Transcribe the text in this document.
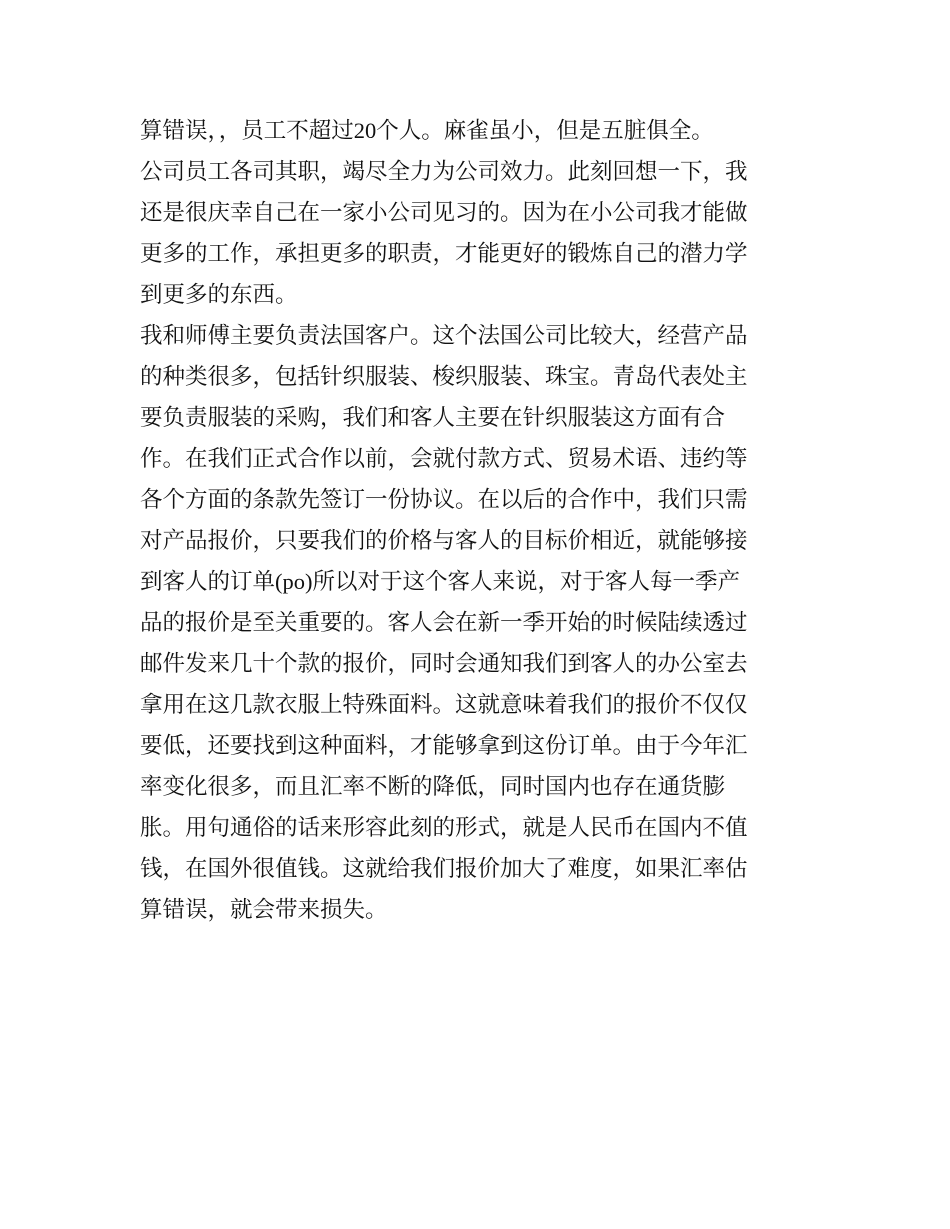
算错误，，员工不超过20个人。麻雀虽小，但是五脏俱全。
公司员工各司其职，竭尽全力为公司效力。此刻回想一下，我
还是很庆幸自己在一家小公司见习的。因为在小公司我才能做
更多的工作，承担更多的职责，才能更好的锻炼自己的潜力学
到更多的东西。
我和师傅主要负责法国客户。这个法国公司比较大，经营产品
的种类很多，包括针织服装、梭织服装、珠宝。青岛代表处主
要负责服装的采购，我们和客人主要在针织服装这方面有合
作。在我们正式合作以前，会就付款方式、贸易术语、违约等
各个方面的条款先签订一份协议。在以后的合作中，我们只需
对产品报价，只要我们的价格与客人的目标价相近，就能够接
到客人的订单(po)所以对于这个客人来说，对于客人每一季产
品的报价是至关重要的。客人会在新一季开始的时候陆续透过
邮件发来几十个款的报价，同时会通知我们到客人的办公室去
拿用在这几款衣服上特殊面料。这就意味着我们的报价不仅仅
要低，还要找到这种面料，才能够拿到这份订单。由于今年汇
率变化很多，而且汇率不断的降低，同时国内也存在通货膨
胀。用句通俗的话来形容此刻的形式，就是人民币在国内不值
钱，在国外很值钱。这就给我们报价加大了难度，如果汇率估
算错误，就会带来损失。
